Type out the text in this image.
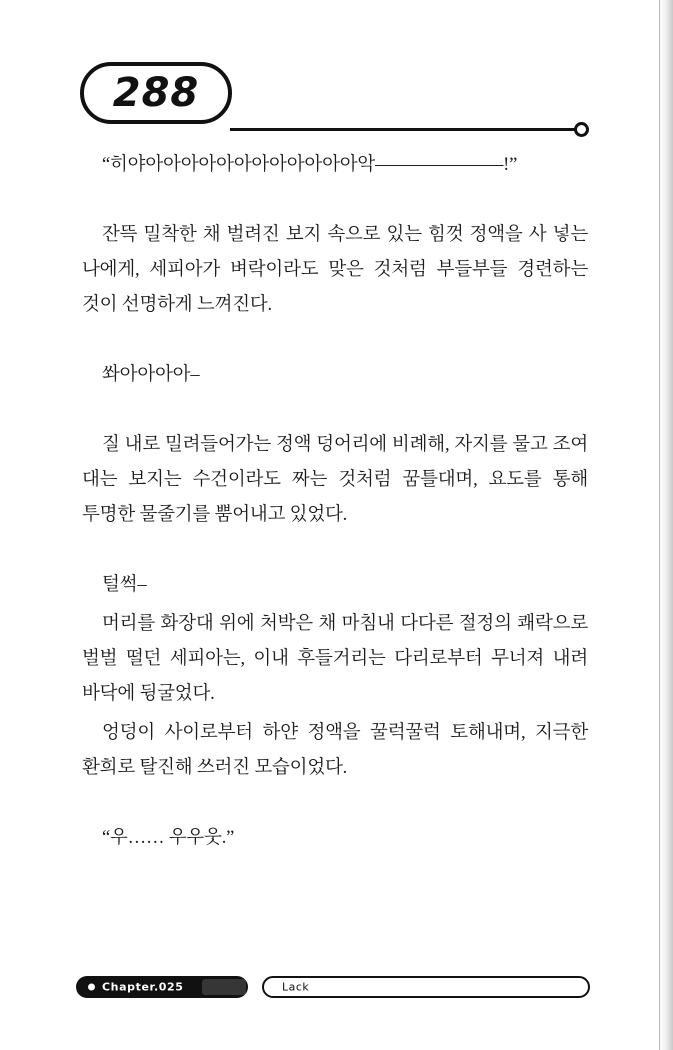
288

“히야아아아아아아아아아아아아악———————!”

잔뜩 밀착한 채 벌려진 보지 속으로 있는 힘껏 정액을 사 넣는 나에게, 세피아가 벼락이라도 맞은 것처럼 부들부들 경련하는 것이 선명하게 느껴진다.

쏴아아아아–

질 내로 밀려들어가는 정액 덩어리에 비례해, 자지를 물고 조여 대는 보지는 수건이라도 짜는 것처럼 꿈틀대며, 요도를 통해 투명한 물줄기를 뿜어내고 있었다.

털썩–

머리를 화장대 위에 처박은 채 마침내 다다른 절정의 쾌락으로 벌벌 떨던 세피아는, 이내 후들거리는 다리로부터 무너져 내려 바닥에 뒹굴었다.

엉덩이 사이로부터 하얀 정액을 꿀럭꿀럭 토해내며, 지극한 환희로 탈진해 쓰러진 모습이었다.

“우…… 우우웃.”

Chapter.025	Lack
